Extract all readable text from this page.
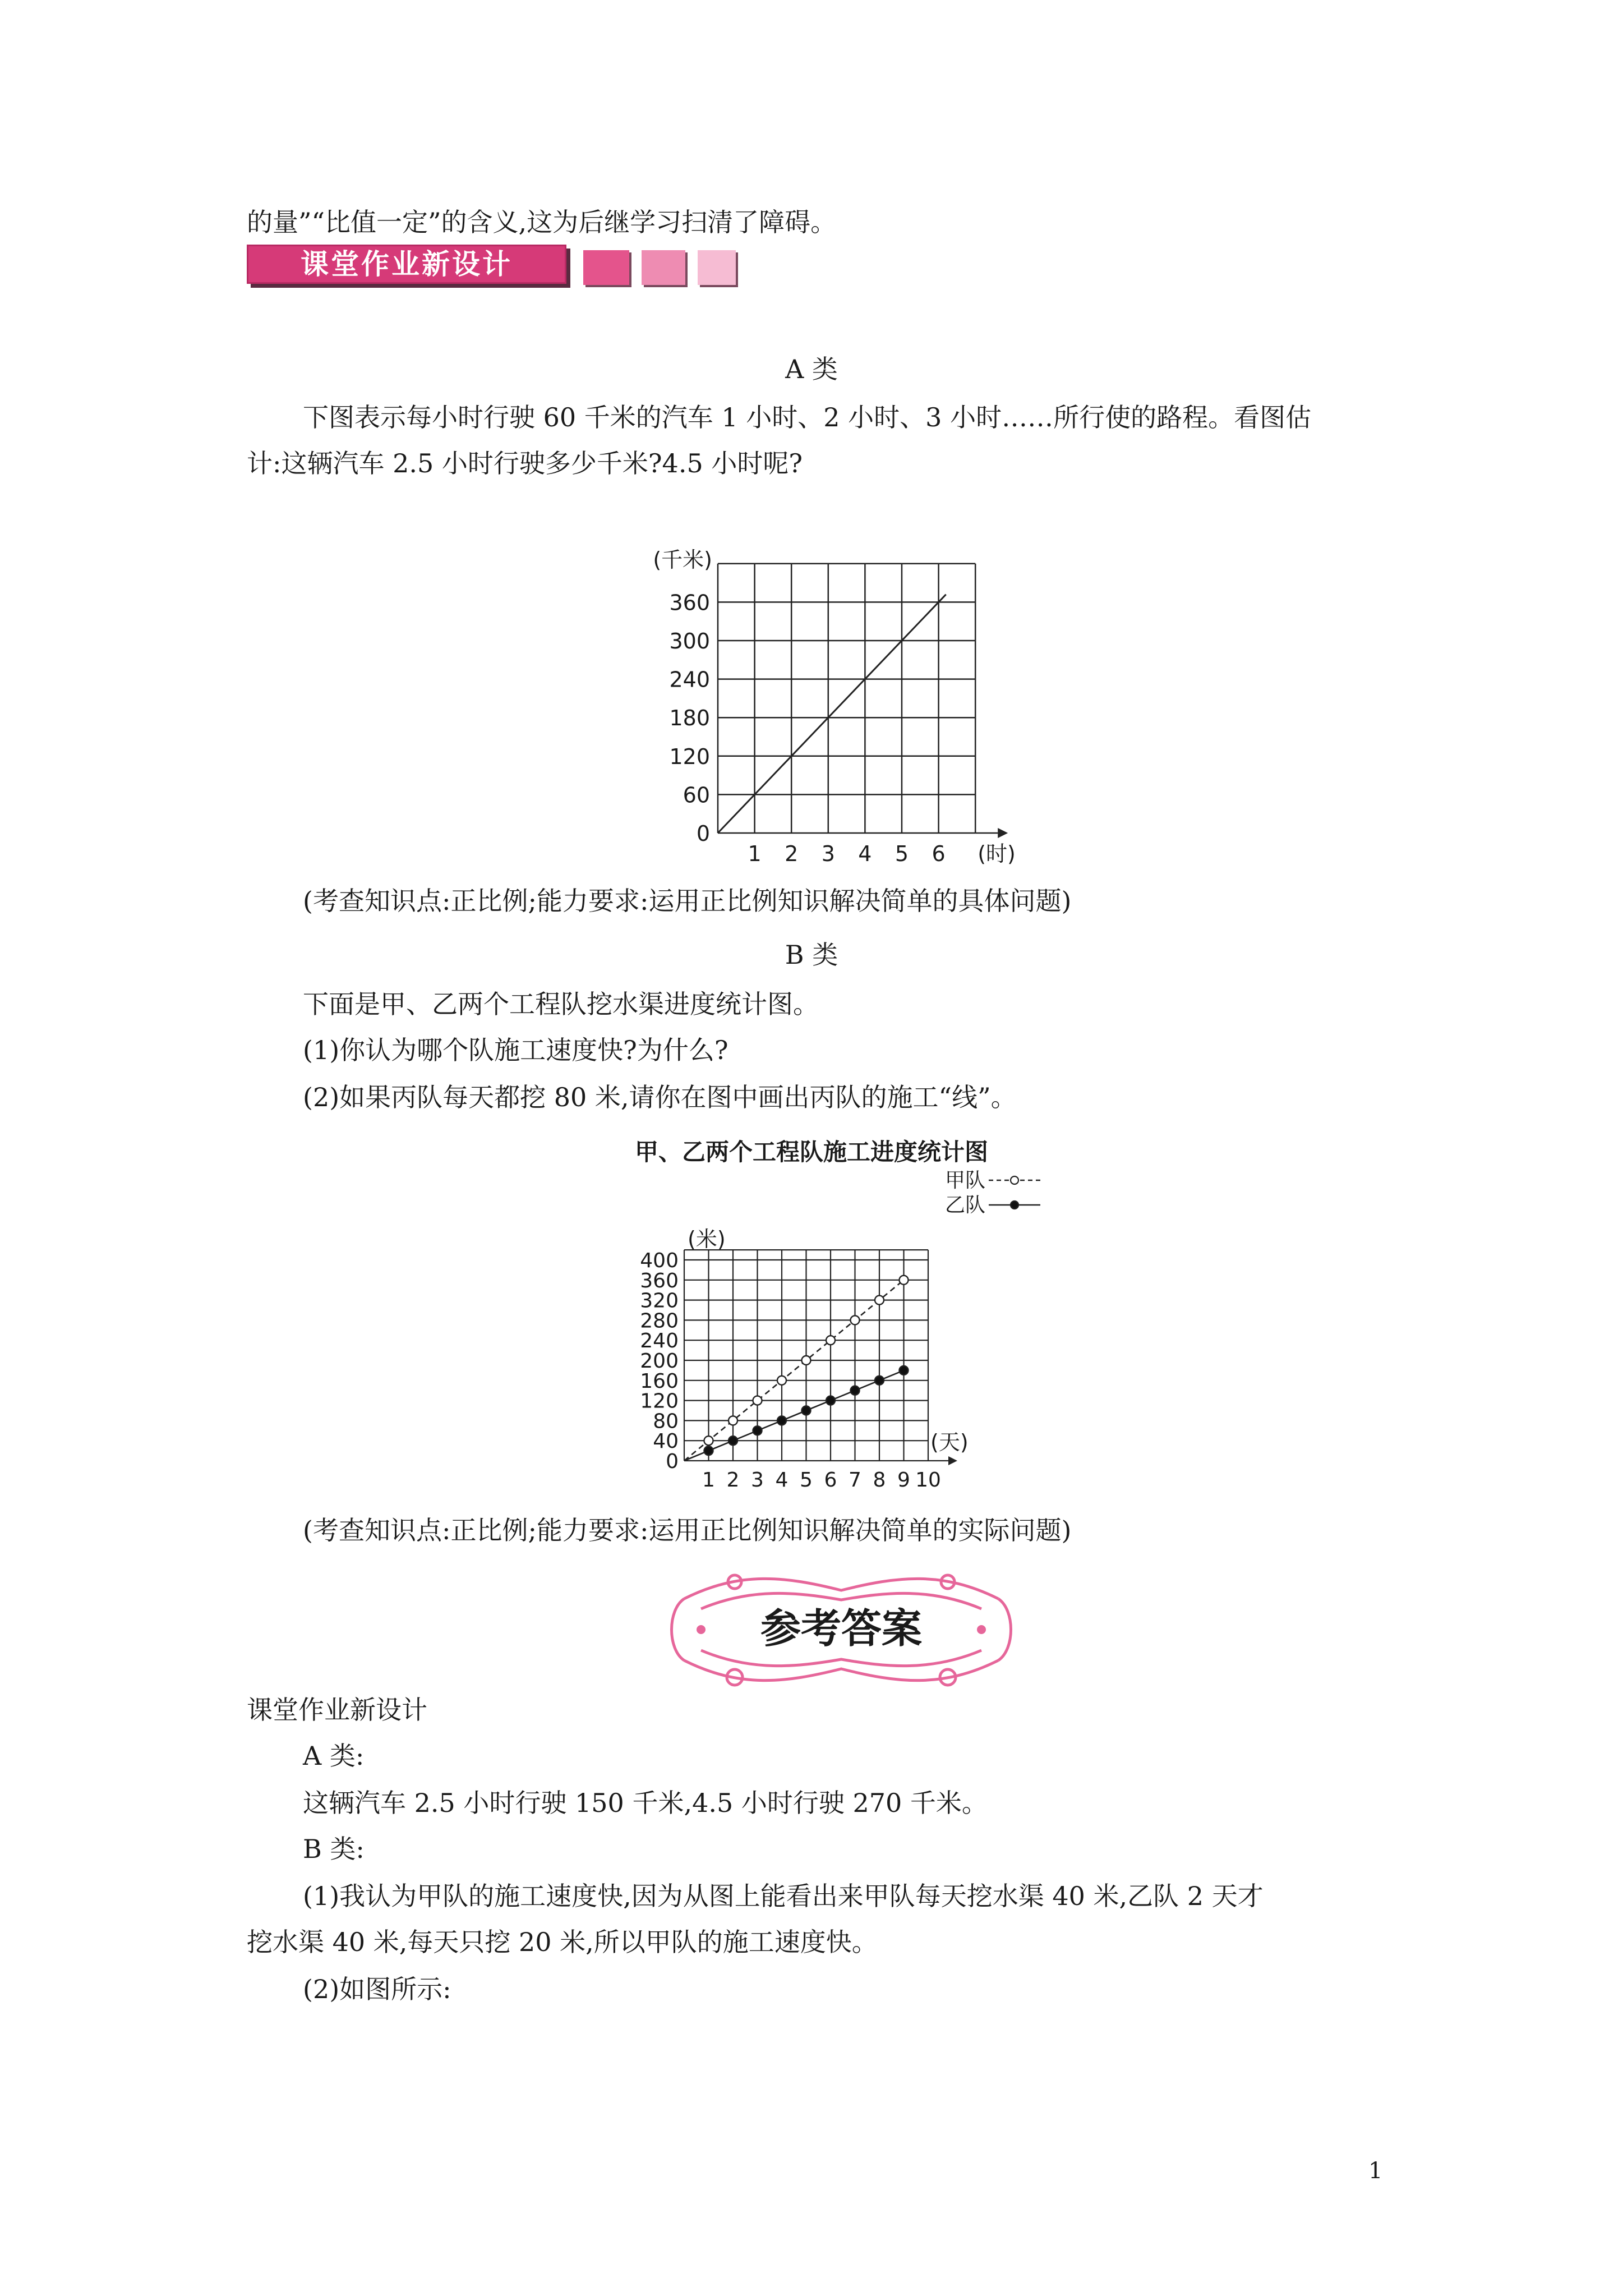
的量”“比值一定”的含义,这为后继学习扫清了障碍。
课堂作业新设计
A 类
下图表示每小时行驶 60 千米的汽车 1 小时、2 小时、3 小时……所行使的路程。看图估
计:这辆汽车 2.5 小时行驶多少千米?4.5 小时呢?
0
60
120
180
240
300
360
1 2 3 4 5 6
(千米)
(时)
(考查知识点:正比例;能力要求:运用正比例知识解决简单的具体问题)
B 类
下面是甲、乙两个工程队挖水渠进度统计图。
(1)你认为哪个队施工速度快?为什么?
(2)如果丙队每天都挖 80 米,请你在图中画出丙队的施工“线”。
甲、乙两个工程队施工进度统计图
0
40
80
120
160
200
240
280
320
360
400
1 2 3 4 5 6 7 8 9 10
(米)
(天)
甲队
乙队
(考查知识点:正比例;能力要求:运用正比例知识解决简单的实际问题)
参考答案
课堂作业新设计
A 类:
这辆汽车 2.5 小时行驶 150 千米,4.5 小时行驶 270 千米。
B 类:
(1)我认为甲队的施工速度快,因为从图上能看出来甲队每天挖水渠 40 米,乙队 2 天才
挖水渠 40 米,每天只挖 20 米,所以甲队的施工速度快。
(2)如图所示:
1
